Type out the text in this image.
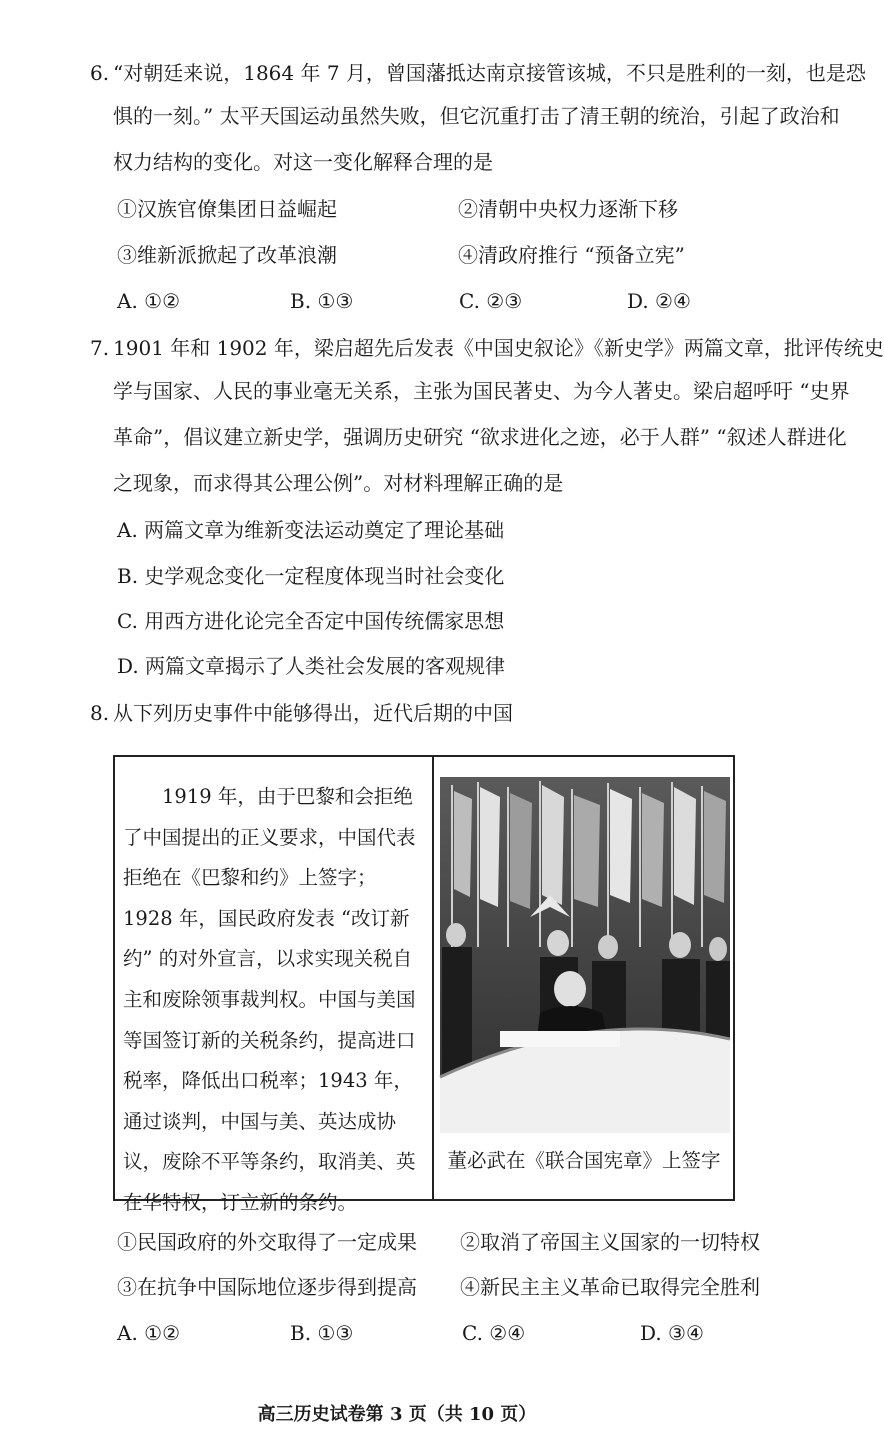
6. “对朝廷来说，1864 年 7 月，曾国藩抵达南京接管该城，不只是胜利的一刻，也是恐
惧的一刻。” 太平天国运动虽然失败，但它沉重打击了清王朝的统治，引起了政治和
权力结构的变化。对这一变化解释合理的是
①汉族官僚集团日益崛起	②清朝中央权力逐渐下移
③维新派掀起了改革浪潮	④清政府推行 “预备立宪”
A. ①②	B. ①③	C. ②③	D. ②④
7. 1901 年和 1902 年，梁启超先后发表《中国史叙论》《新史学》两篇文章，批评传统史
学与国家、人民的事业毫无关系，主张为国民著史、为今人著史。梁启超呼吁 “史界
革命”，倡议建立新史学，强调历史研究 “欲求进化之迹，必于人群” “叙述人群进化
之现象，而求得其公理公例”。对材料理解正确的是
A. 两篇文章为维新变法运动奠定了理论基础
B. 史学观念变化一定程度体现当时社会变化
C. 用西方进化论完全否定中国传统儒家思想
D. 两篇文章揭示了人类社会发展的客观规律
8. 从下列历史事件中能够得出，近代后期的中国
　　1919 年，由于巴黎和会拒绝了中国提出的正义要求，中国代表拒绝在《巴黎和约》上签字；1928 年，国民政府发表 “改订新约” 的对外宣言，以求实现关税自主和废除领事裁判权。中国与美国等国签订新的关税条约，提高进口税率，降低出口税率；1943 年，通过谈判，中国与美、英达成协议，废除不平等条约，取消美、英在华特权，订立新的条约。
董必武在《联合国宪章》上签字
①民国政府的外交取得了一定成果 ②取消了帝国主义国家的一切特权
③在抗争中国际地位逐步得到提高 ④新民主主义革命已取得完全胜利
A. ①②	B. ①③	C. ②④	D. ③④
高三历史试卷第 3 页（共 10 页）
